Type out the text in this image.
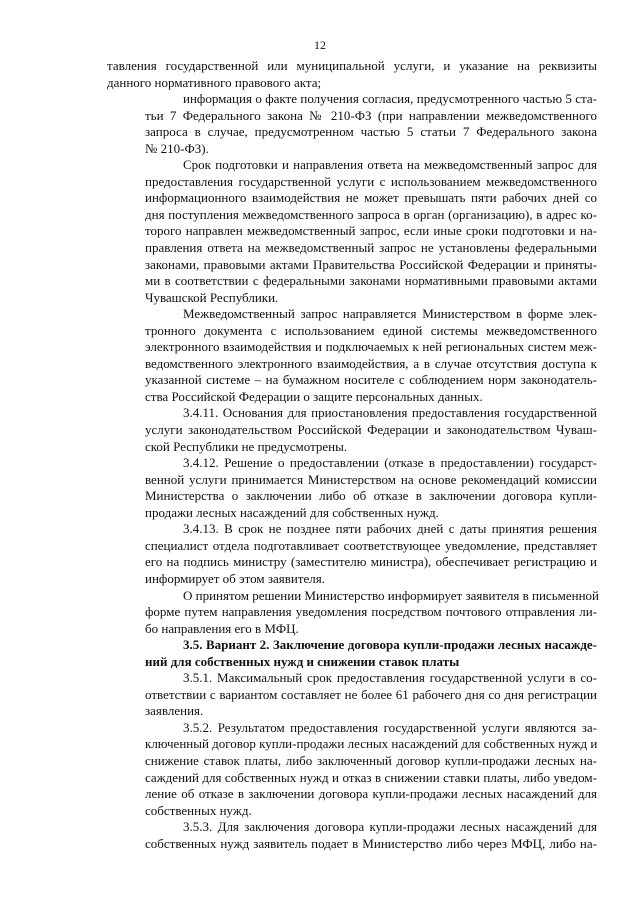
12
тавления государственной или муниципальной услуги, и указание на реквизиты
данного нормативного правового акта;
информация о факте получения согласия, предусмотренного частью 5 ста-
тьи 7 Федерального закона № 210-ФЗ (при направлении межведомственного
запроса в случае, предусмотренном частью 5 статьи 7 Федерального закона
№ 210-ФЗ).
Срок подготовки и направления ответа на межведомственный запрос для
предоставления государственной услуги с использованием межведомственного
информационного взаимодействия не может превышать пяти рабочих дней со
дня поступления межведомственного запроса в орган (организацию), в адрес ко-
торого направлен межведомственный запрос, если иные сроки подготовки и на-
правления ответа на межведомственный запрос не установлены федеральными
законами, правовыми актами Правительства Российской Федерации и приняты-
ми в соответствии с федеральными законами нормативными правовыми актами
Чувашской Республики.
Межведомственный запрос направляется Министерством в форме элек-
тронного документа с использованием единой системы межведомственного
электронного взаимодействия и подключаемых к ней региональных систем меж-
ведомственного электронного взаимодействия, а в случае отсутствия доступа к
указанной системе – на бумажном носителе с соблюдением норм законодатель-
ства Российской Федерации о защите персональных данных.
3.4.11. Основания для приостановления предоставления государственной
услуги законодательством Российской Федерации и законодательством Чуваш-
ской Республики не предусмотрены.
3.4.12. Решение о предоставлении (отказе в предоставлении) государст-
венной услуги принимается Министерством на основе рекомендаций комиссии
Министерства о заключении либо об отказе в заключении договора купли-
продажи лесных насаждений для собственных нужд.
3.4.13. В срок не позднее пяти рабочих дней с даты принятия решения
специалист отдела подготавливает соответствующее уведомление, представляет
его на подпись министру (заместителю министра), обеспечивает регистрацию и
информирует об этом заявителя.
О принятом решении Министерство информирует заявителя в письменной
форме путем направления уведомления посредством почтового отправления ли-
бо направления его в МФЦ.
3.5. Вариант 2. Заключение договора купли-продажи лесных насажде-
ний для собственных нужд и снижении ставок платы
3.5.1. Максимальный срок предоставления государственной услуги в со-
ответствии с вариантом составляет не более 61 рабочего дня со дня регистрации
заявления.
3.5.2. Результатом предоставления государственной услуги являются за-
ключенный договор купли-продажи лесных насаждений для собственных нужд и
снижение ставок платы, либо заключенный договор купли-продажи лесных на-
саждений для собственных нужд и отказ в снижении ставки платы, либо уведом-
ление об отказе в заключении договора купли-продажи лесных насаждений для
собственных нужд.
3.5.3. Для заключения договора купли-продажи лесных насаждений для
собственных нужд заявитель подает в Министерство либо через МФЦ, либо на-
